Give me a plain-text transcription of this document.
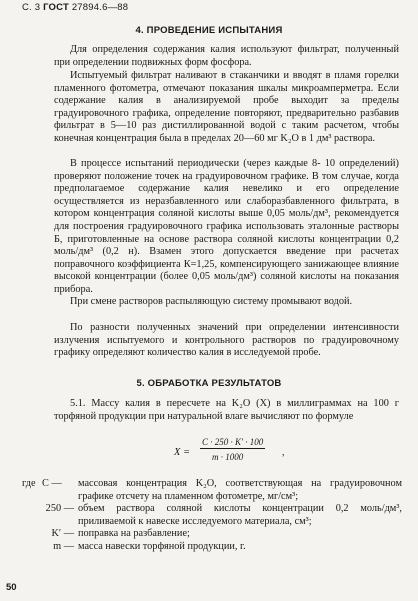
С. 3 ГОСТ 27894.6—88
4. ПРОВЕДЕНИЕ ИСПЫТАНИЯ
Для определения содержания калия используют фильтрат, полученный при определении подвижных форм фосфора.
Испытуемый фильтрат наливают в стаканчики и вводят в пламя горелки пламенного фотометра, отмечают показания шкалы микроамперметра. Если содержание калия в анализируемой пробе выходит за пределы градуировочного графика, определение повторяют, предварительно разбавив фильтрат в 5—10 раз дистиллированной водой с таким расчетом, чтобы конечная концентрация была в пределах 20—60 мг K₂O в 1 дм³ раствора.
В процессе испытаний периодически (через каждые 8- 10 определений) проверяют положение точек на градуировочном графике. В том случае, когда предполагаемое содержание калия невелико и его определение осуществляется из неразбавленного или слаборазбавленного фильтрата, в котором концентрация соляной кислоты выше 0,05 моль/дм³, рекомендуется для построения градуировочного графика использовать эталонные растворы Б, приготовленные на основе раствора соляной кислоты концентрации 0,2 моль/дм³ (0,2 н). Взамен этого допускается введение при расчетах поправочного коэффициента К=1,25, компенсирующего занижающее влияние высокой концентрации (более 0,05 моль/дм³) соляной кислоты на показания прибора.
При смене растворов распыляющую систему промывают водой.
По разности полученных значений при определении интенсивности излучения испытуемого и контрольного растворов по градуировочному графику определяют количество калия в исследуемой пробе.
5. ОБРАБОТКА РЕЗУЛЬТАТОВ
5.1. Массу калия в пересчете на K₂O (X) в миллиграммах на 100 г торфяной продукции при натуральной влаге вычисляют по формуле
X =
C · 250 · K′ · 100
m · 1000	,
где C —	массовая концентрация K₂O, соответствующая на градуировочном графике отсчету на пламенном фотометре, мг/см³;
250 — объем раствора соляной кислоты концентрации 0,2 моль/дм³, приливаемой к навеске исследуемого материала, см³;
K′ — поправка на разбавление;
m — масса навески торфяной продукции, г.
50
